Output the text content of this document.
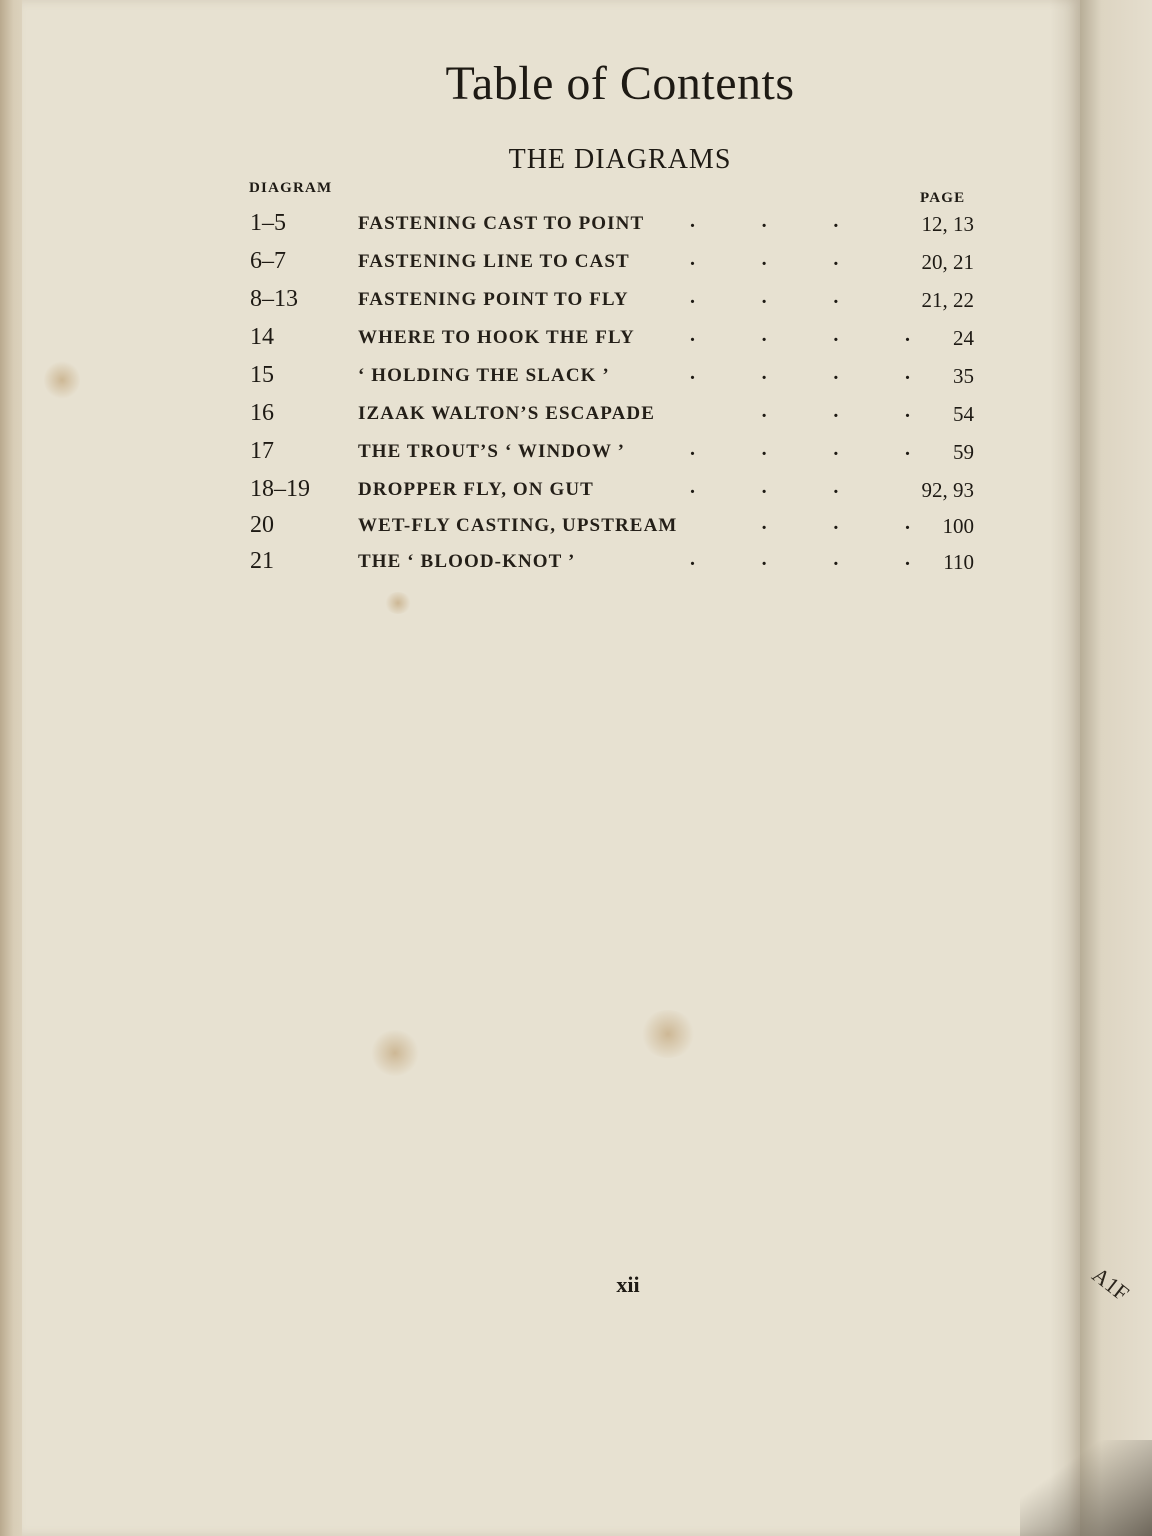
Table of Contents
THE DIAGRAMS
DIAGRAM
PAGE
1–5	FASTENING CAST TO POINT .	.	.	12, 13
6–7	FASTENING LINE TO CAST	.	.	.	20, 21
8–13	FASTENING POINT TO FLY	.	.	.	21, 22
14	WHERE TO HOOK THE FLY	.	.	.	. 24
15	‘ HOLDING THE SLACK ’	.	.	.	. 35
16	IZAAK WALTON’S ESCAPADE	.	.	. 54
17	THE TROUT’S ‘ WINDOW ’	.	.	.	. 59
18–19	DROPPER FLY, ON GUT	.	.	.	92, 93
20	WET-FLY CASTING, UPSTREAM	.	.	. 100
21	THE ‘ BLOOD-KNOT ’	.	.	.	. 110
xii	A1F
